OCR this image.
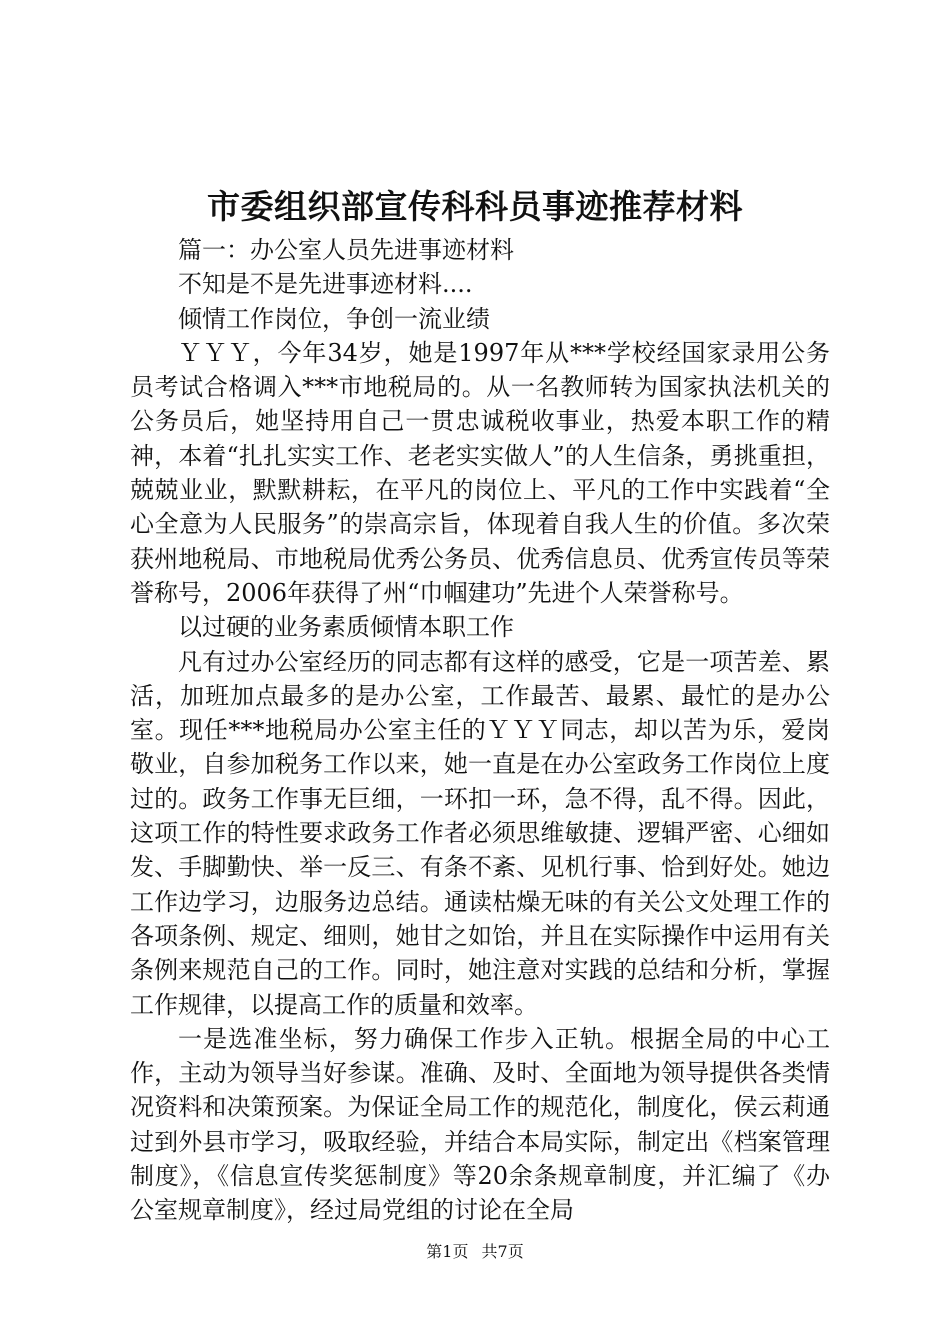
市委组织部宣传科科员事迹推荐材料

篇一：办公室人员先进事迹材料

不知是不是先进事迹材料....

倾情工作岗位，争创一流业绩

ＹＹＹ，今年34岁，她是1997年从***学校经国家录用公务员考试合格调入***市地税局的。从一名教师转为国家执法机关的公务员后，她坚持用自己一贯忠诚税收事业，热爱本职工作的精神，本着“扎扎实实工作、老老实实做人”的人生信条，勇挑重担，兢兢业业，默默耕耘，在平凡的岗位上、平凡的工作中实践着“全心全意为人民服务”的崇高宗旨，体现着自我人生的价值。多次荣获州地税局、市地税局优秀公务员、优秀信息员、优秀宣传员等荣誉称号，2006年获得了州“巾帼建功”先进个人荣誉称号。

以过硬的业务素质倾情本职工作

凡有过办公室经历的同志都有这样的感受，它是一项苦差、累活，加班加点最多的是办公室，工作最苦、最累、最忙的是办公室。现任***地税局办公室主任的ＹＹＹ同志，却以苦为乐，爱岗敬业，自参加税务工作以来，她一直是在办公室政务工作岗位上度过的。政务工作事无巨细，一环扣一环，急不得，乱不得。因此，这项工作的特性要求政务工作者必须思维敏捷、逻辑严密、心细如发、手脚勤快、举一反三、有条不紊、见机行事、恰到好处。她边工作边学习，边服务边总结。通读枯燥无味的有关公文处理工作的各项条例、规定、细则，她甘之如饴，并且在实际操作中运用有关条例来规范自己的工作。同时，她注意对实践的总结和分析，掌握工作规律，以提高工作的质量和效率。

一是选准坐标，努力确保工作步入正轨。根据全局的中心工作，主动为领导当好参谋。准确、及时、全面地为领导提供各类情况资料和决策预案。为保证全局工作的规范化，制度化，侯云莉通过到外县市学习，吸取经验，并结合本局实际，制定出《档案管理制度》，《信息宣传奖惩制度》等20余条规章制度，并汇编了《办公室规章制度》，经过局党组的讨论在全局

第1页 共7页
